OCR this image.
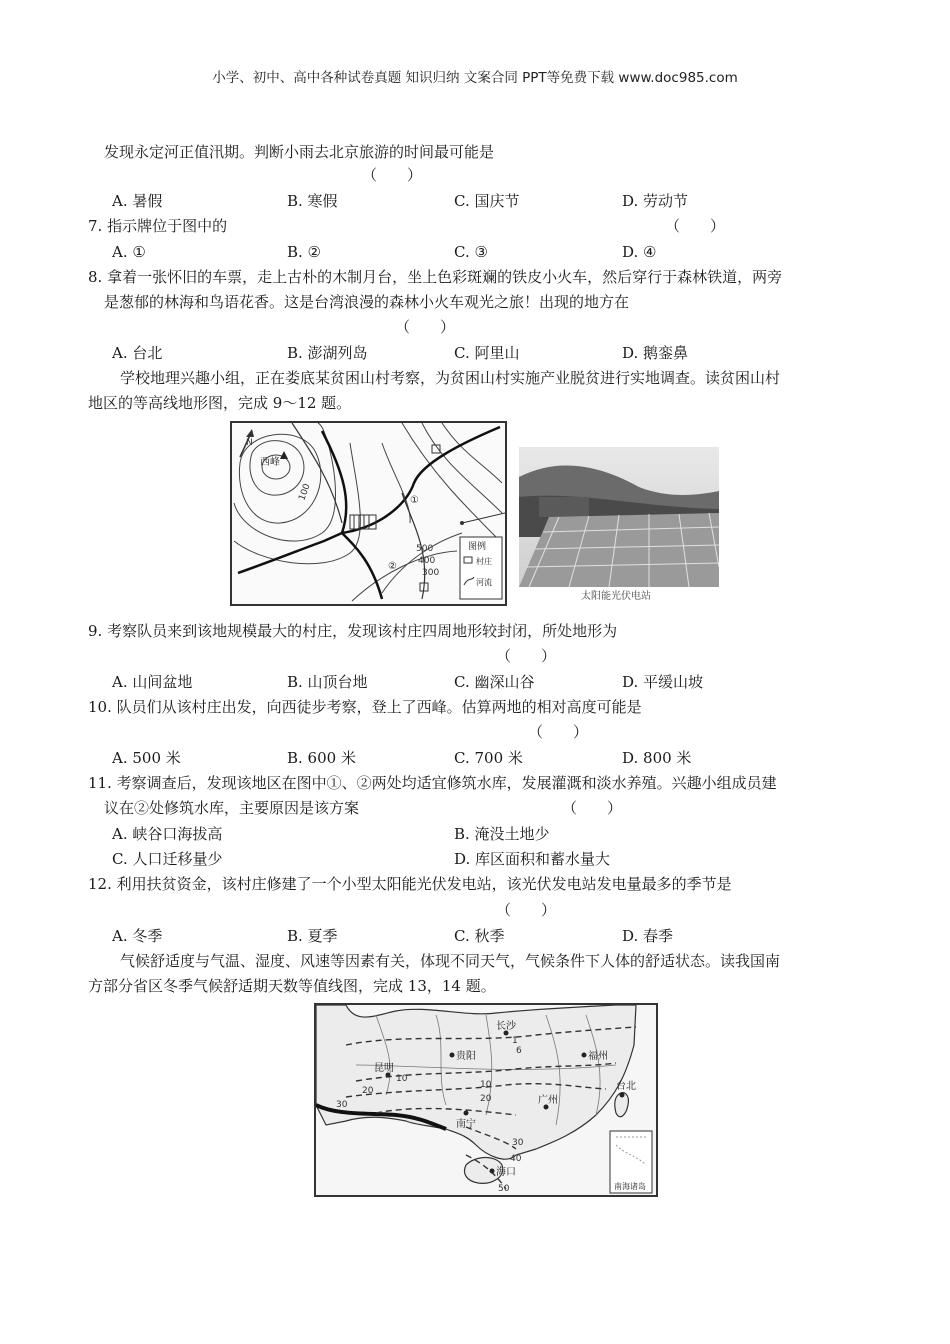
小学、初中、高中各种试卷真题 知识归纳 文案合同 PPT等免费下载 www.doc985.com
发现永定河正值汛期。判断小雨去北京旅游的时间最可能是
（　　）
A. 暑假	B. 寒假	C. 国庆节	D. 劳动节
7. 指示牌位于图中的	（　　）
A. ①	B. ②	C. ③	D. ④
8. 拿着一张怀旧的车票，走上古朴的木制月台，坐上色彩斑斓的铁皮小火车，然后穿行于森林铁道，两旁
是葱郁的林海和鸟语花香。这是台湾浪漫的森林小火车观光之旅！出现的地方在
（　　）
A. 台北	B. 澎湖列岛	C. 阿里山	D. 鹅銮鼻
学校地理兴趣小组，正在娄底某贫困山村考察，为贫困山村实施产业脱贫进行实地调查。读贫困山村
地区的等高线地形图，完成 9～12 题。
N
西峰
100
500
400
300
①
②
图例
村庄
河流
太阳能光伏电站
9. 考察队员来到该地规模最大的村庄，发现该村庄四周地形较封闭，所处地形为
（　　）
A. 山间盆地	B. 山顶台地	C. 幽深山谷	D. 平缓山坡
10. 队员们从该村庄出发，向西徒步考察，登上了西峰。估算两地的相对高度可能是
（　　）
A. 500 米	B. 600 米	C. 700 米	D. 800 米
11. 考察调查后，发现该地区在图中①、②两处均适宜修筑水库，发展灌溉和淡水养殖。兴趣小组成员建
议在②处修筑水库，主要原因是该方案	（　　）
A. 峡谷口海拔高	B. 淹没土地少
C. 人口迁移量少	D. 库区面积和蓄水量大
12. 利用扶贫资金，该村庄修建了一个小型太阳能光伏发电站，该光伏发电站发电量最多的季节是
（　　）
A. 冬季	B. 夏季	C. 秋季	D. 春季
气候舒适度与气温、湿度、风速等因素有关，体现不同天气，气候条件下人体的舒适状态。读我国南
方部分省区冬季气候舒适期天数等值线图，完成 13，14 题。
昆明
贵阳
长沙
南宁
福州
台北
广州
海口
1
6
10
20
30
40
50
30
20
10
南海诸岛
